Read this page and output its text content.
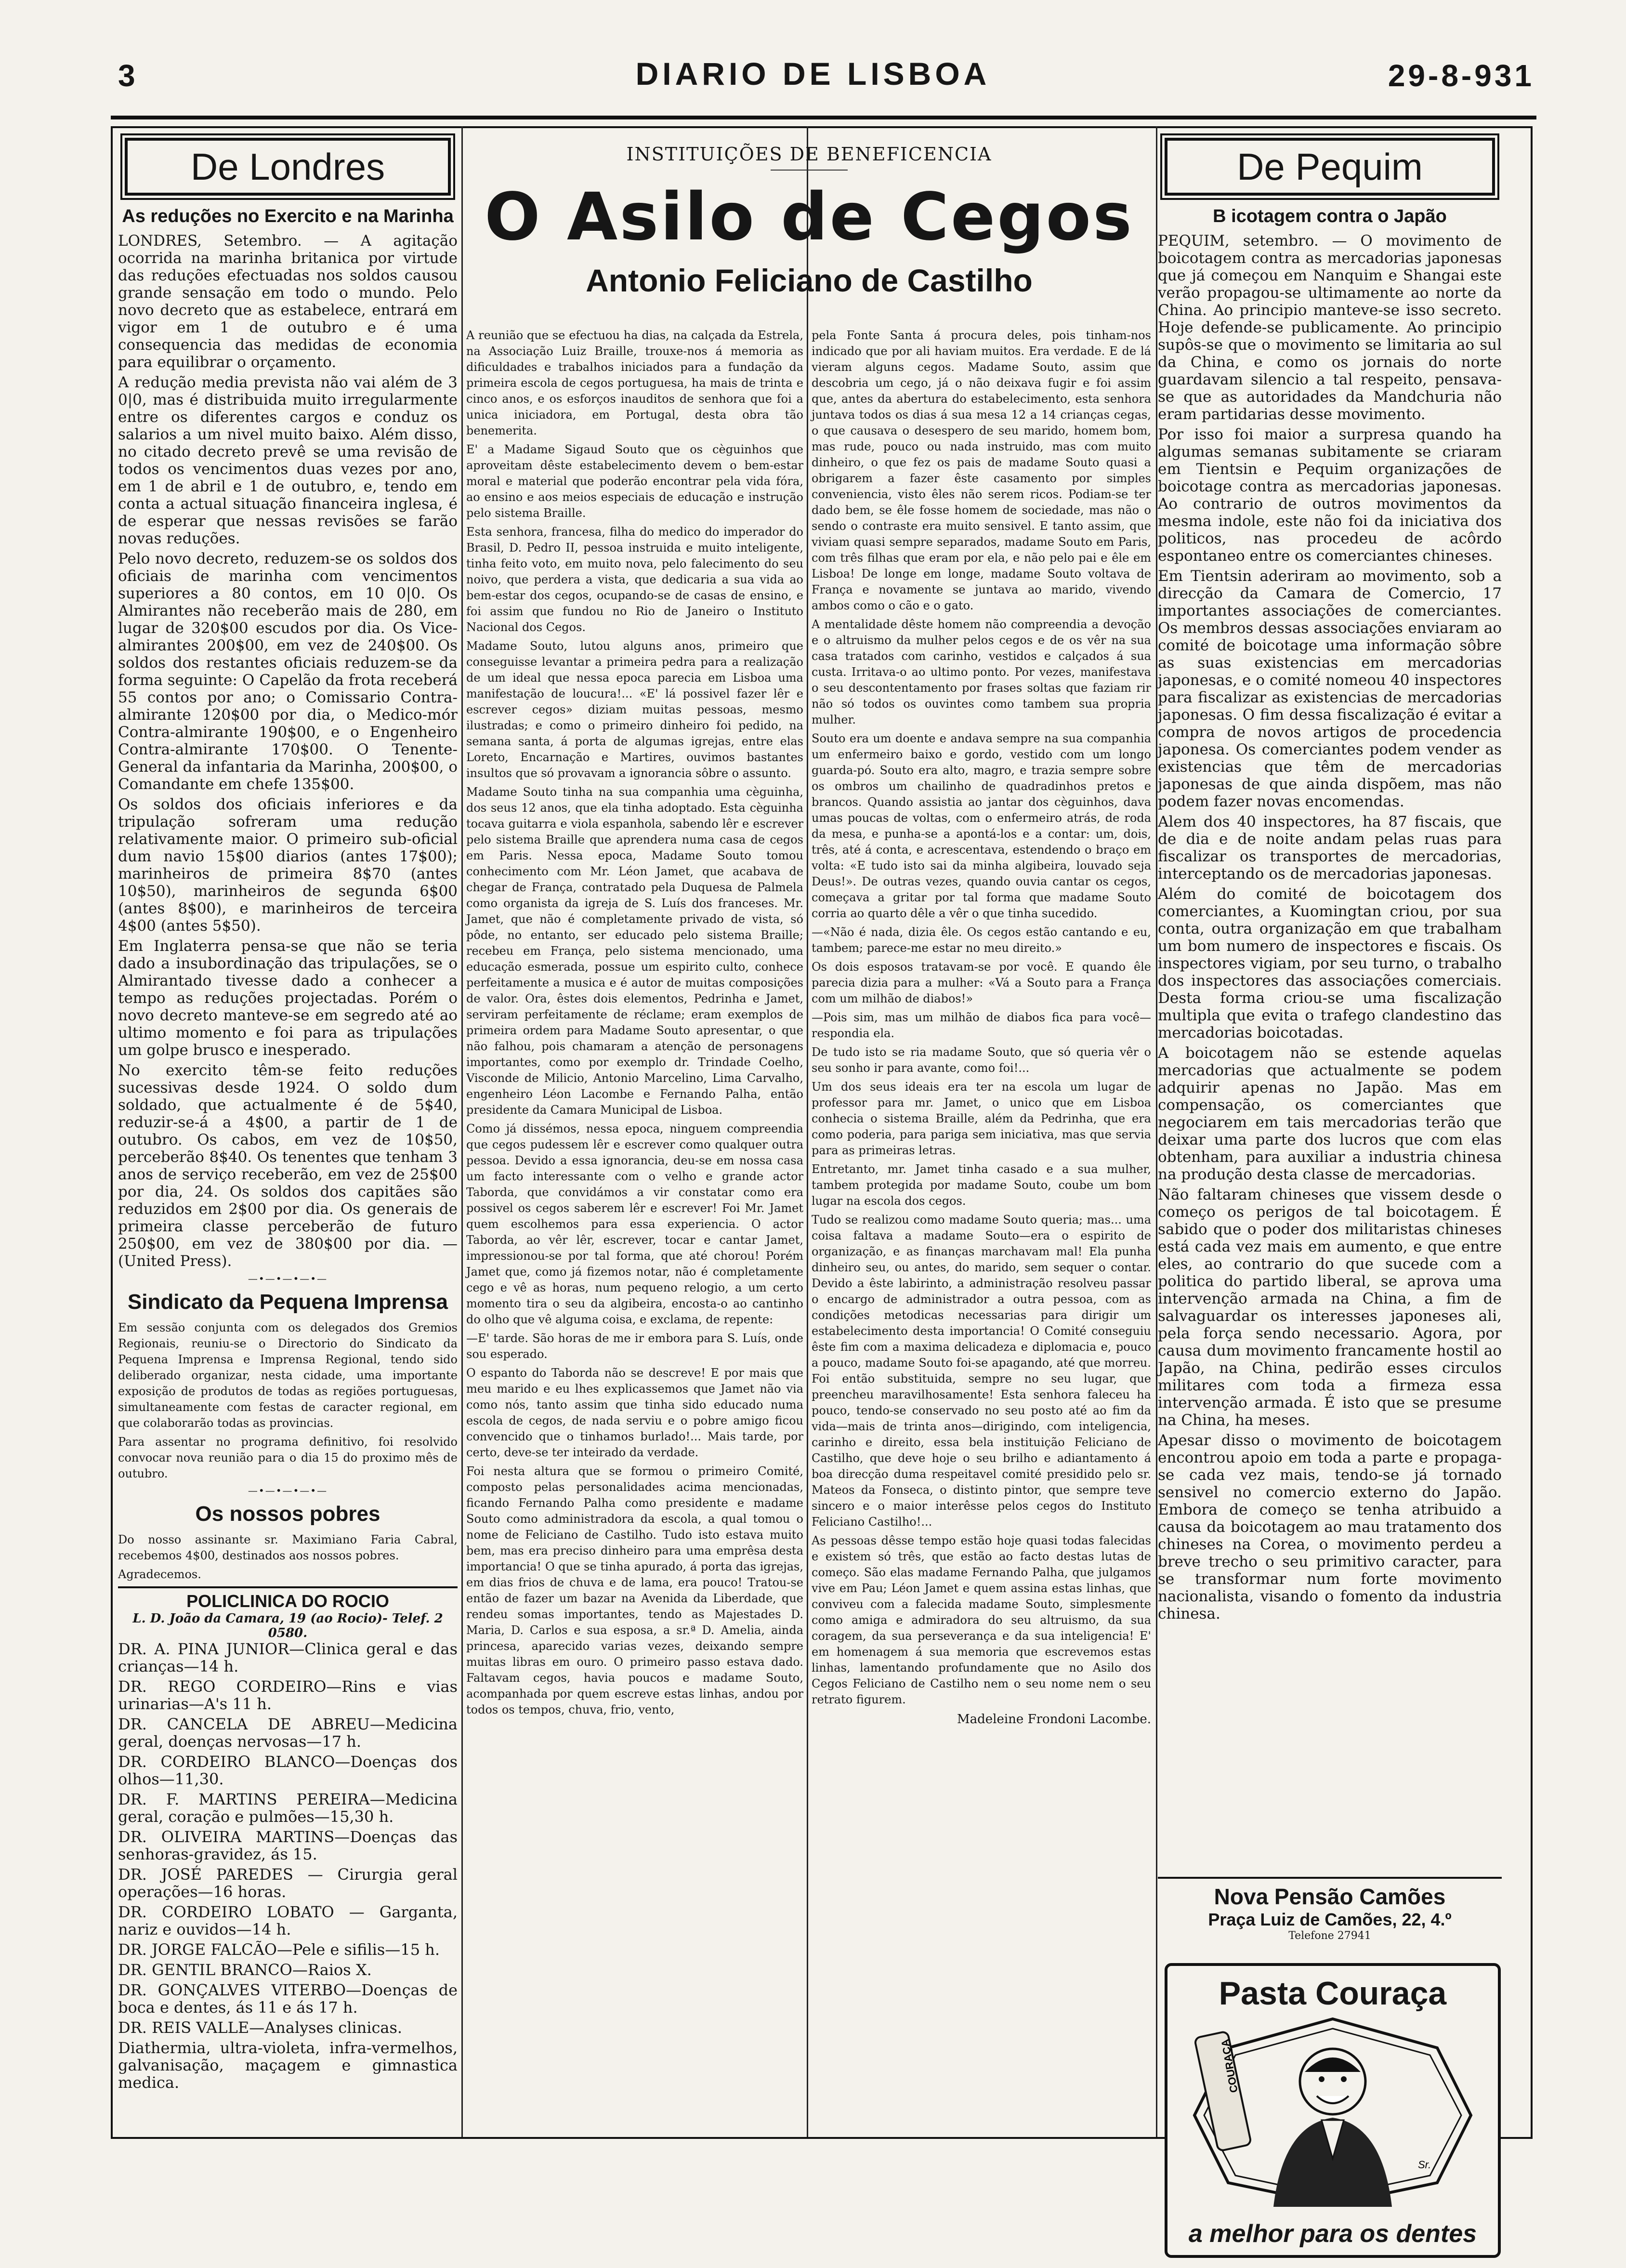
3	DIARIO DE LISBOA	29-8-931
De Londres
As reduções no Exercito e na Marinha

LONDRES, Setembro. — A agitação ocorrida na marinha britanica por virtude das reduções efectuadas nos soldos causou grande sensação em todo o mundo. Pelo novo decreto que as estabelece, entrará em vigor em 1 de outubro e é uma consequencia das medidas de economia para equilibrar o orçamento.

A redução media prevista não vai além de 3 0|0, mas é distribuida muito irregularmente entre os diferentes cargos e conduz os salarios a um nivel muito baixo. Além disso, no citado decreto prevê se uma revisão de todos os vencimentos duas vezes por ano, em 1 de abril e 1 de outubro, e, tendo em conta a actual situação financeira inglesa, é de esperar que nessas revisões se farão novas reduções.

Pelo novo decreto, reduzem-se os soldos dos oficiais de marinha com vencimentos superiores a 80 contos, em 10 0|0. Os Almirantes não receberão mais de 280, em lugar de 320$00 escudos por dia. Os Vice-almirantes 200$00, em vez de 240$00. Os soldos dos restantes oficiais reduzem-se da forma seguinte: O Capelão da frota receberá 55 contos por ano; o Comissario Contra-almirante 120$00 por dia, o Medico-mór Contra-almirante 190$00, e o Engenheiro Contra-almirante 170$00. O Tenente-General da infantaria da Marinha, 200$00, o Comandante em chefe 135$00.

Os soldos dos oficiais inferiores e da tripulação sofreram uma redução relativamente maior. O primeiro sub-oficial dum navio 15$00 diarios (antes 17$00); marinheiros de primeira 8$70 (antes 10$50), marinheiros de segunda 6$00 (antes 8$00), e marinheiros de terceira 4$00 (antes 5$50).

Em Inglaterra pensa-se que não se teria dado a insubordinação das tripulações, se o Almirantado tivesse dado a conhecer a tempo as reduções projectadas. Porém o novo decreto manteve-se em segredo até ao ultimo momento e foi para as tripulações um golpe brusco e inesperado.

No exercito têm-se feito reduções sucessivas desde 1924. O soldo dum soldado, que actualmente é de 5$40, reduzir-se-á a 4$00, a partir de 1 de outubro. Os cabos, em vez de 10$50, perceberão 8$40. Os tenentes que tenham 3 anos de serviço receberão, em vez de 25$00 por dia, 24. Os soldos dos capitães são reduzidos em 2$00 por dia. Os generais de primeira classe perceberão de futuro 250$00, em vez de 380$00 por dia. —(United Press).

—•—•—•—•—
Sindicato da Pequena Imprensa

Em sessão conjunta com os delegados dos Gremios Regionais, reuniu-se o Directorio do Sindicato da Pequena Imprensa e Imprensa Regional, tendo sido deliberado organizar, nesta cidade, uma importante exposição de produtos de todas as regiões portuguesas, simultaneamente com festas de caracter regional, em que colaborarão todas as provincias.

Para assentar no programa definitivo, foi resolvido convocar nova reunião para o dia 15 do proximo mês de outubro.

—•—•—•—•—
Os nossos pobres

Do nosso assinante sr. Maximiano Faria Cabral, recebemos 4$00, destinados aos nossos pobres.

Agradecemos.

POLICLINICA DO ROCIO
L. D. João da Camara, 19 (ao Rocio)- Telef. 2 0580.

DR. A. PINA JUNIOR—Clinica geral e das crianças—14 h.

DR. REGO CORDEIRO—Rins e vias urinarias—A's 11 h.

DR. CANCELA DE ABREU—Medicina geral, doenças nervosas—17 h.

DR. CORDEIRO BLANCO—Doenças dos olhos—11,30.

DR. F. MARTINS PEREIRA—Medicina geral, coração e pulmões—15,30 h.

DR. OLIVEIRA MARTINS—Doenças das senhoras-gravidez, ás 15.

DR. JOSÉ PAREDES — Cirurgia geral operações—16 horas.

DR. CORDEIRO LOBATO — Garganta, nariz e ouvidos—14 h.

DR. JORGE FALCÃO—Pele e sifilis—15 h.

DR. GENTIL BRANCO—Raios X.

DR. GONÇALVES VITERBO—Doenças de boca e dentes, ás 11 e ás 17 h.

DR. REIS VALLE—Analyses clinicas.

Diathermia, ultra-violeta, infra-vermelhos, galvanisação, maçagem e gimnastica medica.

INSTITUIÇÕES DE BENEFICENCIA
O Asilo de Cegos
Antonio Feliciano de Castilho

A reunião que se efectuou ha dias, na calçada da Estrela, na Associação Luiz Braille, trouxe-nos á memoria as dificuldades e trabalhos iniciados para a fundação da primeira escola de cegos portuguesa, ha mais de trinta e cinco anos, e os esforços inauditos de senhora que foi a unica iniciadora, em Portugal, desta obra tão benemerita.

E' a Madame Sigaud Souto que os cèguinhos que aproveitam dêste estabelecimento devem o bem-estar moral e material que poderão encontrar pela vida fóra, ao ensino e aos meios especiais de educação e instrução pelo sistema Braille.

Esta senhora, francesa, filha do medico do imperador do Brasil, D. Pedro II, pessoa instruida e muito inteligente, tinha feito voto, em muito nova, pelo falecimento do seu noivo, que perdera a vista, que dedicaria a sua vida ao bem-estar dos cegos, ocupando-se de casas de ensino, e foi assim que fundou no Rio de Janeiro o Instituto Nacional dos Cegos.

Madame Souto, lutou alguns anos, primeiro que conseguisse levantar a primeira pedra para a realização de um ideal que nessa epoca parecia em Lisboa uma manifestação de loucura!... «E' lá possivel fazer lêr e escrever cegos» diziam muitas pessoas, mesmo ilustradas; e como o primeiro dinheiro foi pedido, na semana santa, á porta de algumas igrejas, entre elas Loreto, Encarnação e Martires, ouvimos bastantes insultos que só provavam a ignorancia sôbre o assunto.

Madame Souto tinha na sua companhia uma cèguinha, dos seus 12 anos, que ela tinha adoptado. Esta cèguinha tocava guitarra e viola espanhola, sabendo lêr e escrever pelo sistema Braille que aprendera numa casa de cegos em Paris. Nessa epoca, Madame Souto tomou conhecimento com Mr. Léon Jamet, que acabava de chegar de França, contratado pela Duquesa de Palmela como organista da igreja de S. Luís dos franceses. Mr. Jamet, que não é completamente privado de vista, só pôde, no entanto, ser educado pelo sistema Braille; recebeu em França, pelo sistema mencionado, uma educação esmerada, possue um espirito culto, conhece perfeitamente a musica e é autor de muitas composições de valor. Ora, êstes dois elementos, Pedrinha e Jamet, serviram perfeitamente de réclame; eram exemplos de primeira ordem para Madame Souto apresentar, o que não falhou, pois chamaram a atenção de personagens importantes, como por exemplo dr. Trindade Coelho, Visconde de Milicio, Antonio Marcelino, Lima Carvalho, engenheiro Léon Lacombe e Fernando Palha, então presidente da Camara Municipal de Lisboa.

Como já dissémos, nessa epoca, ninguem compreendia que cegos pudessem lêr e escrever como qualquer outra pessoa. Devido a essa ignorancia, deu-se em nossa casa um facto interessante com o velho e grande actor Taborda, que convidámos a vir constatar como era possivel os cegos saberem lêr e escrever! Foi Mr. Jamet quem escolhemos para essa experiencia. O actor Taborda, ao vêr lêr, escrever, tocar e cantar Jamet, impressionou-se por tal forma, que até chorou! Porém Jamet que, como já fizemos notar, não é completamente cego e vê as horas, num pequeno relogio, a um certo momento tira o seu da algibeira, encosta-o ao cantinho do olho que vê alguma coisa, e exclama, de repente:

—E' tarde. São horas de me ir embora para S. Luís, onde sou esperado.

O espanto do Taborda não se descreve! E por mais que meu marido e eu lhes explicassemos que Jamet não via como nós, tanto assim que tinha sido educado numa escola de cegos, de nada serviu e o pobre amigo ficou convencido que o tinhamos burlado!... Mais tarde, por certo, deve-se ter inteirado da verdade.

Foi nesta altura que se formou o primeiro Comité, composto pelas personalidades acima mencionadas, ficando Fernando Palha como presidente e madame Souto como administradora da escola, a qual tomou o nome de Feliciano de Castilho. Tudo isto estava muito bem, mas era preciso dinheiro para uma emprêsa desta importancia! O que se tinha apurado, á porta das igrejas, em dias frios de chuva e de lama, era pouco! Tratou-se então de fazer um bazar na Avenida da Liberdade, que rendeu somas importantes, tendo as Majestades D. Maria, D. Carlos e sua esposa, a sr.ª D. Amelia, ainda princesa, aparecido varias vezes, deixando sempre muitas libras em ouro. O primeiro passo estava dado. Faltavam cegos, havia poucos e madame Souto, acompanhada por quem escreve estas linhas, andou por todos os tempos, chuva, frio, vento,

pela Fonte Santa á procura deles, pois tinham-nos indicado que por ali haviam muitos. Era verdade. E de lá vieram alguns cegos. Madame Souto, assim que descobria um cego, já o não deixava fugir e foi assim que, antes da abertura do estabelecimento, esta senhora juntava todos os dias á sua mesa 12 a 14 crianças cegas, o que causava o desespero de seu marido, homem bom, mas rude, pouco ou nada instruido, mas com muito dinheiro, o que fez os pais de madame Souto quasi a obrigarem a fazer êste casamento por simples conveniencia, visto êles não serem ricos. Podiam-se ter dado bem, se êle fosse homem de sociedade, mas não o sendo o contraste era muito sensivel. E tanto assim, que viviam quasi sempre separados, madame Souto em Paris, com três filhas que eram por ela, e não pelo pai e êle em Lisboa! De longe em longe, madame Souto voltava de França e novamente se juntava ao marido, vivendo ambos como o cão e o gato.

A mentalidade dêste homem não compreendia a devoção e o altruismo da mulher pelos cegos e de os vêr na sua casa tratados com carinho, vestidos e calçados á sua custa. Irritava-o ao ultimo ponto. Por vezes, manifestava o seu descontentamento por frases soltas que faziam rir não só todos os ouvintes como tambem sua propria mulher.

Souto era um doente e andava sempre na sua companhia um enfermeiro baixo e gordo, vestido com um longo guarda-pó. Souto era alto, magro, e trazia sempre sobre os ombros um chailinho de quadradinhos pretos e brancos. Quando assistia ao jantar dos cèguinhos, dava umas poucas de voltas, com o enfermeiro atrás, de roda da mesa, e punha-se a apontá-los e a contar: um, dois, três, até á conta, e acrescentava, estendendo o braço em volta: «E tudo isto sai da minha algibeira, louvado seja Deus!». De outras vezes, quando ouvia cantar os cegos, começava a gritar por tal forma que madame Souto corria ao quarto dêle a vêr o que tinha sucedido.

—«Não é nada, dizia êle. Os cegos estão cantando e eu, tambem; parece-me estar no meu direito.»

Os dois esposos tratavam-se por você. E quando êle parecia dizia para a mulher: «Vá a Souto para a França com um milhão de diabos!»

—Pois sim, mas um milhão de diabos fica para você—respondia ela.

De tudo isto se ria madame Souto, que só queria vêr o seu sonho ir para avante, como foi!...

Um dos seus ideais era ter na escola um lugar de professor para mr. Jamet, o unico que em Lisboa conhecia o sistema Braille, além da Pedrinha, que era como poderia, para pariga sem iniciativa, mas que servia para as primeiras letras.

Entretanto, mr. Jamet tinha casado e a sua mulher, tambem protegida por madame Souto, coube um bom lugar na escola dos cegos.

Tudo se realizou como madame Souto queria; mas... uma coisa faltava a madame Souto—era o espirito de organização, e as finanças marchavam mal! Ela punha dinheiro seu, ou antes, do marido, sem sequer o contar. Devido a êste labirinto, a administração resolveu passar o encargo de administrador a outra pessoa, com as condições metodicas necessarias para dirigir um estabelecimento desta importancia! O Comité conseguiu êste fim com a maxima delicadeza e diplomacia e, pouco a pouco, madame Souto foi-se apagando, até que morreu. Foi então substituida, sempre no seu lugar, que preencheu maravilhosamente! Esta senhora faleceu ha pouco, tendo-se conservado no seu posto até ao fim da vida—mais de trinta anos—dirigindo, com inteligencia, carinho e direito, essa bela instituição Feliciano de Castilho, que deve hoje o seu brilho e adiantamento á boa direcção duma respeitavel comité presidido pelo sr. Mateos da Fonseca, o distinto pintor, que sempre teve sincero e o maior interêsse pelos cegos do Instituto Feliciano Castilho!...

As pessoas dêsse tempo estão hoje quasi todas falecidas e existem só três, que estão ao facto destas lutas de começo. São elas madame Fernando Palha, que julgamos vive em Pau; Léon Jamet e quem assina estas linhas, que conviveu com a falecida madame Souto, simplesmente como amiga e admiradora do seu altruismo, da sua coragem, da sua perseverança e da sua inteligencia! E' em homenagem á sua memoria que escrevemos estas linhas, lamentando profundamente que no Asilo dos Cegos Feliciano de Castilho nem o seu nome nem o seu retrato figurem.

Madeleine Frondoni Lacombe.
De Pequim
B icotagem contra o Japão

PEQUIM, setembro. — O movimento de boicotagem contra as mercadorias japonesas que já começou em Nanquim e Shangai este verão propagou-se ultimamente ao norte da China. Ao principio manteve-se isso secreto. Hoje defende-se publicamente. Ao principio supôs-se que o movimento se limitaria ao sul da China, e como os jornais do norte guardavam silencio a tal respeito, pensava-se que as autoridades da Mandchuria não eram partidarias desse movimento.

Por isso foi maior a surpresa quando ha algumas semanas subitamente se criaram em Tientsin e Pequim organizações de boicotage contra as mercadorias japonesas. Ao contrario de outros movimentos da mesma indole, este não foi da iniciativa dos politicos, nas procedeu de acôrdo espontaneo entre os comerciantes chineses.

Em Tientsin aderiram ao movimento, sob a direcção da Camara de Comercio, 17 importantes associações de comerciantes. Os membros dessas associações enviaram ao comité de boicotage uma informação sôbre as suas existencias em mercadorias japonesas, e o comité nomeou 40 inspectores para fiscalizar as existencias de mercadorias japonesas. O fim dessa fiscalização é evitar a compra de novos artigos de procedencia japonesa. Os comerciantes podem vender as existencias que têm de mercadorias japonesas de que ainda dispõem, mas não podem fazer novas encomendas.

Alem dos 40 inspectores, ha 87 fiscais, que de dia e de noite andam pelas ruas para fiscalizar os transportes de mercadorias, interceptando os de mercadorias japonesas.

Além do comité de boicotagem dos comerciantes, a Kuomingtan criou, por sua conta, outra organização em que trabalham um bom numero de inspectores e fiscais. Os inspectores vigiam, por seu turno, o trabalho dos inspectores das associações comerciais. Desta forma criou-se uma fiscalização multipla que evita o trafego clandestino das mercadorias boicotadas.

A boicotagem não se estende aquelas mercadorias que actualmente se podem adquirir apenas no Japão. Mas em compensação, os comerciantes que negociarem em tais mercadorias terão que deixar uma parte dos lucros que com elas obtenham, para auxiliar a industria chinesa na produção desta classe de mercadorias.

Não faltaram chineses que vissem desde o começo os perigos de tal boicotagem. É sabido que o poder dos militaristas chineses está cada vez mais em aumento, e que entre eles, ao contrario do que sucede com a politica do partido liberal, se aprova uma intervenção armada na China, a fim de salvaguardar os interesses japoneses ali, pela força sendo necessario. Agora, por causa dum movimento francamente hostil ao Japão, na China, pedirão esses circulos militares com toda a firmeza essa intervenção armada. É isto que se presume na China, ha meses.

Apesar disso o movimento de boicotagem encontrou apoio em toda a parte e propaga-se cada vez mais, tendo-se já tornado sensivel no comercio externo do Japão. Embora de começo se tenha atribuido a causa da boicotagem ao mau tratamento dos chineses na Corea, o movimento perdeu a breve trecho o seu primitivo caracter, para se transformar num forte movimento nacionalista, visando o fomento da industria chinesa.

Nova Pensão Camões
Praça Luiz de Camões, 22, 4.º
Telefone 27941
Pasta Couraça
COURAÇA
Sr.
a melhor para os dentes
